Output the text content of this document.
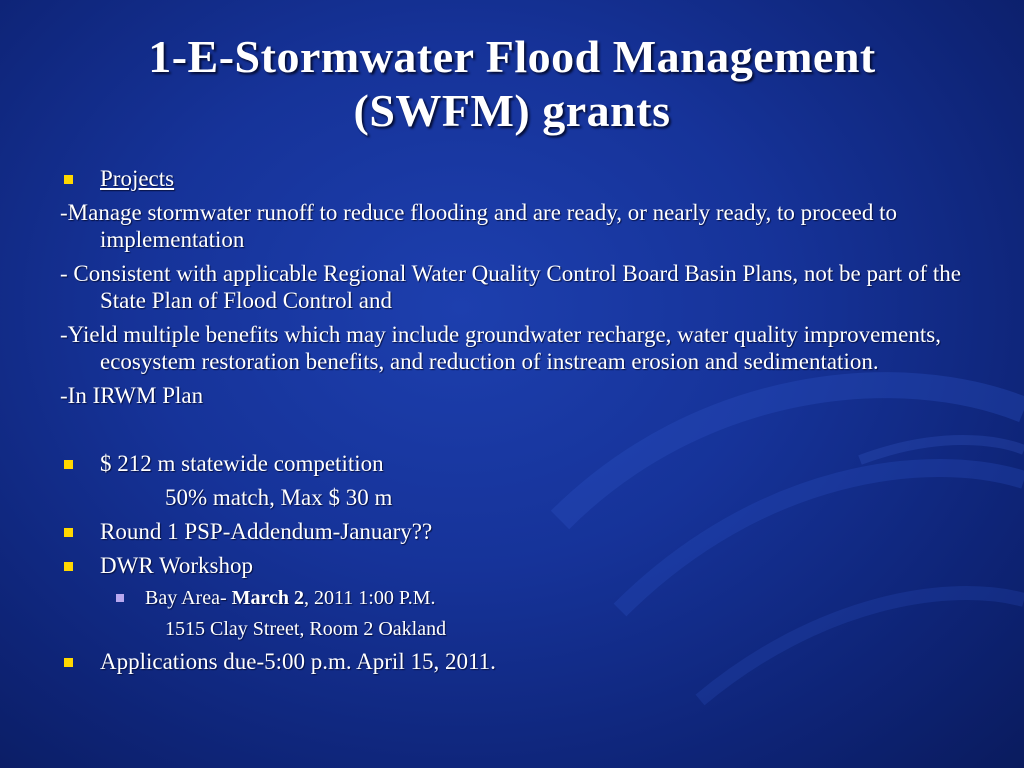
1-E-Stormwater Flood Management
(SWFM) grants
Projects
-Manage stormwater runoff to reduce flooding and are ready, or nearly ready, to proceed to implementation
- Consistent with applicable Regional Water Quality Control Board Basin Plans, not be part of the State Plan of Flood Control and
-Yield multiple benefits which may include groundwater recharge, water quality improvements, ecosystem restoration benefits, and reduction of instream erosion and sedimentation.
-In IRWM Plan
$ 212 m statewide competition
50% match, Max $ 30 m
Round 1 PSP-Addendum-January??
DWR Workshop
Bay Area- March 2, 2011 1:00 P.M.
1515 Clay Street, Room 2 Oakland
Applications due-5:00 p.m. April 15, 2011.
